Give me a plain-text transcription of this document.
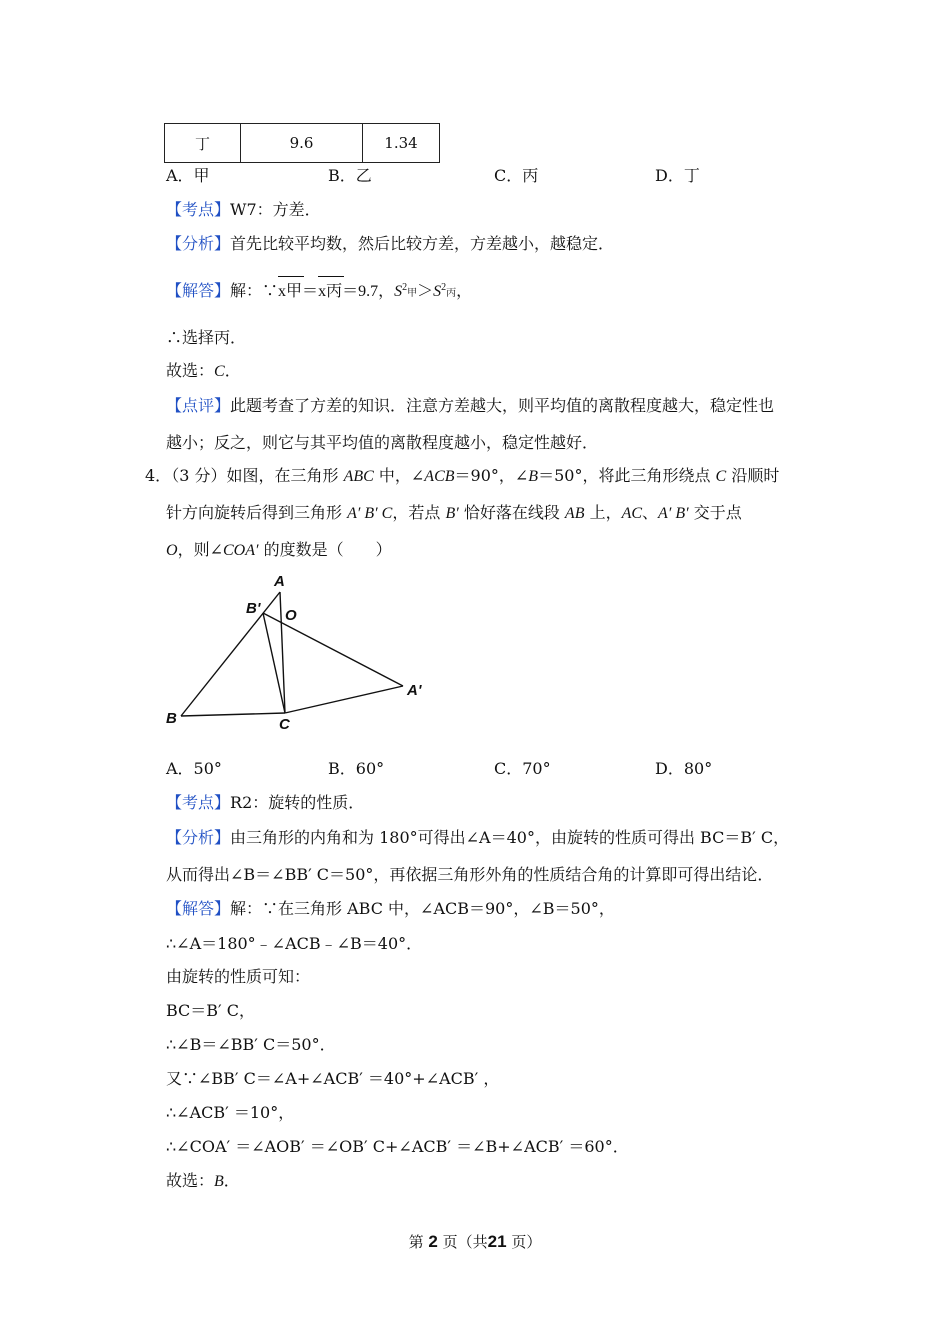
丁	9.6	1.34
A．甲	B．乙	C．丙	D．丁
【考点】W7：方差．
【分析】首先比较平均数，然后比较方差，方差越小，越稳定．
【解答】解：∵x甲＝x丙＝9.7，$S^2$甲$>S^2$丙，
∴选择丙．
故选：C．
【点评】此题考查了方差的知识．注意方差越大，则平均值的离散程度越大，稳定性也
越小；反之，则它与其平均值的离散程度越小，稳定性越好．
4．（3 分）如图，在三角形 ABC 中，∠ACB＝90°，∠B＝50°，将此三角形绕点 C 沿顺时
针方向旋转后得到三角形 A′ B′ C，若点 B′ 恰好落在线段 AB 上，AC、A′ B′ 交于点
O，则∠COA′ 的度数是（　　）
A
B' O
B	C
A'
A．50°	B．60°	C．70°	D．80°
【考点】R2：旋转的性质．
【分析】由三角形的内角和为 180°可得出∠A＝40°，由旋转的性质可得出 BC＝B′ C，
从而得出∠B＝∠BB′ C＝50°，再依据三角形外角的性质结合角的计算即可得出结论．
【解答】解：∵在三角形 ABC 中，∠ACB＝90°，∠B＝50°，
∴∠A＝180°﹣∠ACB﹣∠B＝40°．
由旋转的性质可知：
BC＝B′ C，
∴∠B＝∠BB′ C＝50°．
又∵∠BB′ C＝∠A+∠ACB′ ＝40°+∠ACB′ ，
∴∠ACB′ ＝10°，
∴∠COA′ ＝∠AOB′ ＝∠OB′ C+∠ACB′ ＝∠B+∠ACB′ ＝60°．
故选：B．
第 2 页（共21 页）
